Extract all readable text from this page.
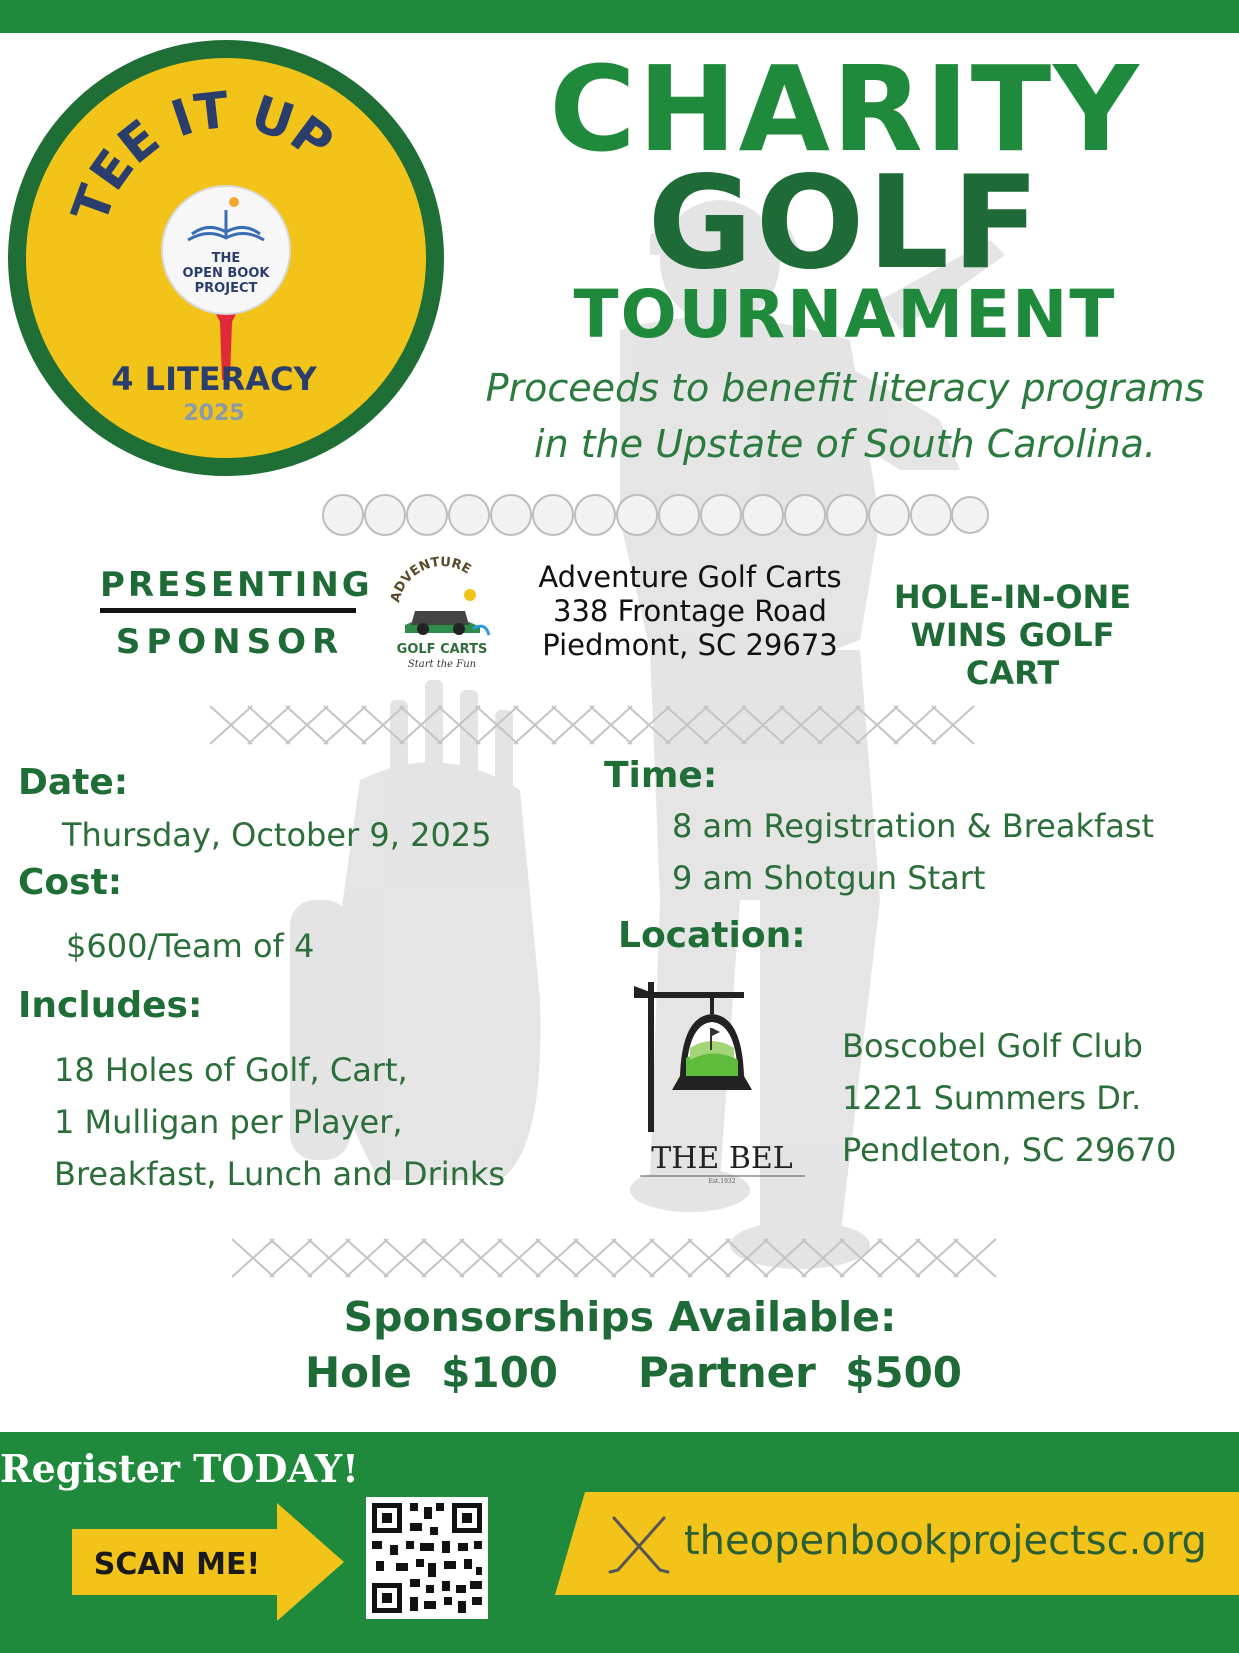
TEE IT UP
THE
OPEN BOOK
PROJECT
4 LITERACY
2025
CHARITY
GOLF
TOURNAMENT
Proceeds to benefit literacy programs
in the Upstate of South Carolina.
PRESENTING
SPONSOR
ADVENTURE
GOLF CARTS
Start the Fun
Adventure Golf Carts
338 Frontage Road
Piedmont, SC 29673
HOLE-IN-ONE
WINS GOLF CART
Date:
Thursday, October 9, 2025
Cost:
$600/Team of 4
Includes:
18 Holes of Golf, Cart,
1 Mulligan per Player,
Breakfast, Lunch and Drinks
Time:
8 am Registration & Breakfast
9 am Shotgun Start
Location:
THE BEL
Est.1932
Boscobel Golf Club
1221 Summers Dr.
Pendleton, SC 29670
Sponsorships Available:
Hole  $100 Partner  $500
Register TODAY!
SCAN ME!
theopenbookprojectsc.org
